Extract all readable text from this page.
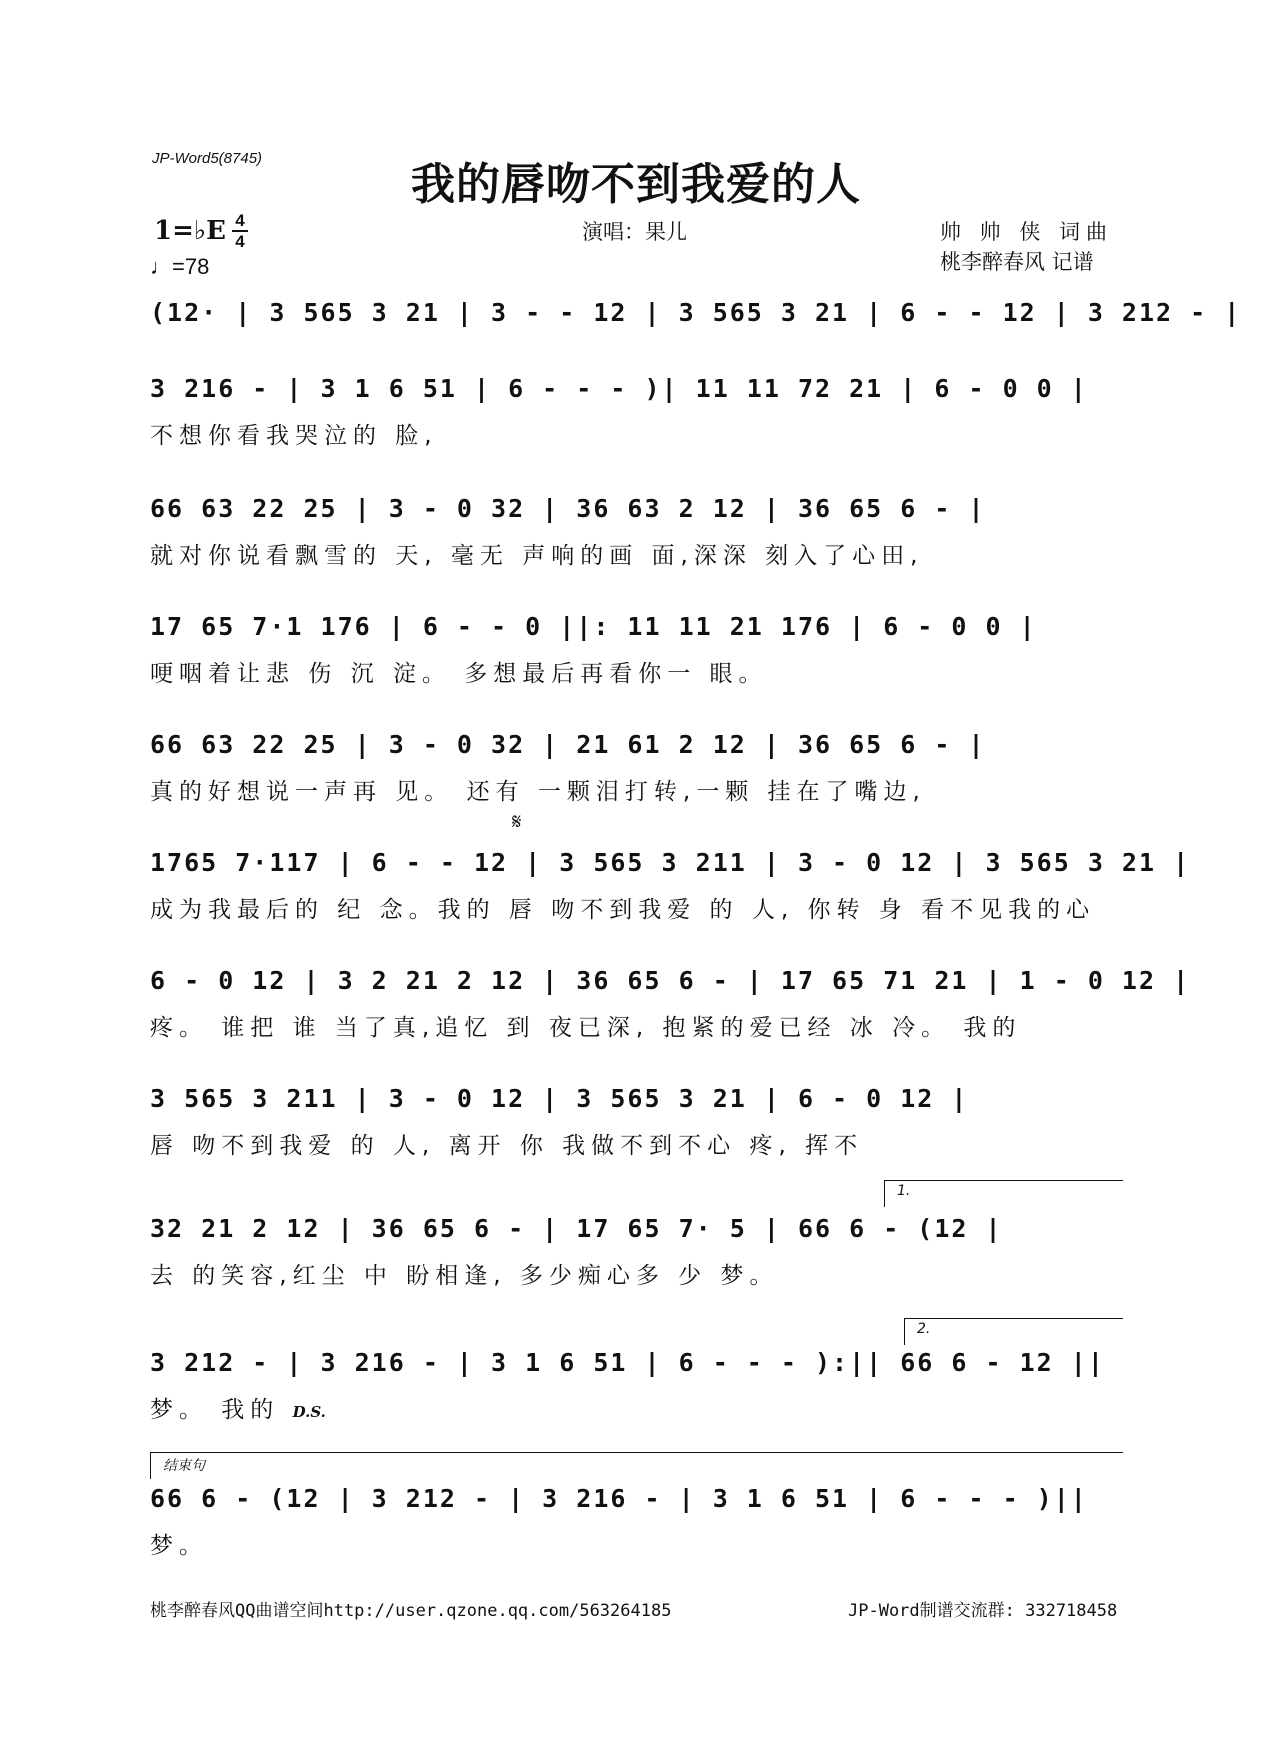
JP-Word5(8745)
我的唇吻不到我爱的人
1=♭E 4
4
♩=78
演唱：果儿	帅 帅 侠 词曲
桃李醉春风 记谱
(12· | 3 565 3 21 | 3 - - 12 | 3 565 3 21 | 6 - - 12 | 3 212 - |
3 216 - | 3 1 6 51 | 6 - - - )| 11 11 72 21 | 6 - 0 0 |
不想你看我哭泣的 脸,
66 63 22 25 | 3 - 0 32 | 36 63 2 12 | 36 65 6 - |
就对你说看飘雪的 天, 毫无 声响的画 面,深深 刻入了心田,
17 65 7·1 176 | 6 - - 0 ||: 11 11 21 176 | 6 - 0 0 |
哽咽着让悲 伤 沉 淀。 多想最后再看你一 眼。
66 63 22 25 | 3 - 0 32 | 21 61 2 12 | 36 65 6 - |
真的好想说一声再 见。 还有 一颗泪打转,一颗 挂在了嘴边,
𝄋
1765 7·117 | 6 - - 12 | 3 565 3 211 | 3 - 0 12 | 3 565 3 21 |
成为我最后的 纪 念。我的 唇 吻不到我爱 的 人, 你转 身 看不见我的心
6 - 0 12 | 3 2 21 2 12 | 36 65 6 - | 17 65 71 21 | 1 - 0 12 |
疼。 谁把 谁 当了真,追忆 到 夜已深, 抱紧的爱已经 冰 冷。 我的
3 565 3 211 | 3 - 0 12 | 3 565 3 21 | 6 - 0 12 |
唇 吻不到我爱 的 人, 离开 你 我做不到不心 疼, 挥不
1.
32 21 2 12 | 36 65 6 - | 17 65 7· 5 | 66 6 - (12 |
去 的笑容,红尘 中 盼相逢, 多少痴心多 少 梦。
2.
3 212 - | 3 216 - | 3 1 6 51 | 6 - - - ):|| 66 6 - 12 ||
梦。 我的 D.S.
结束句
66 6 - (12 | 3 212 - | 3 216 - | 3 1 6 51 | 6 - - - )||
梦。
桃李醉春风QQ曲谱空间http://user.qzone.qq.com/563264185	JP-Word制谱交流群: 332718458
